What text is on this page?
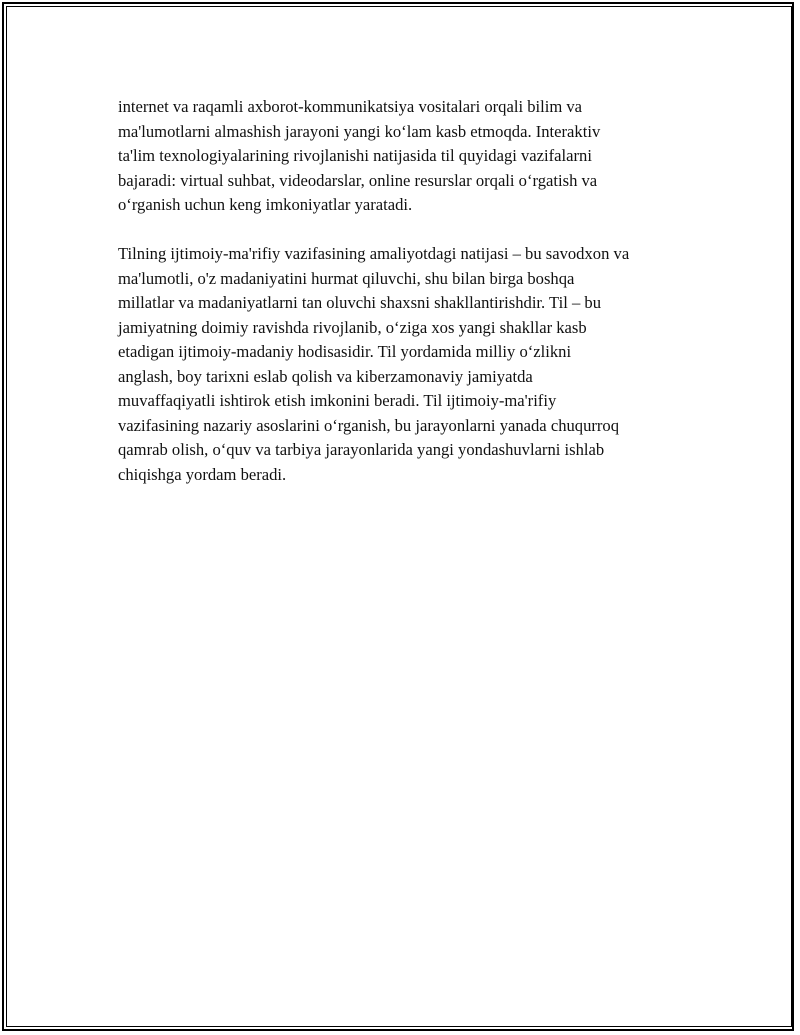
internet va raqamli axborot-kommunikatsiya vositalari orqali bilim va
ma'lumotlarni almashish jarayoni yangi ko‘lam kasb etmoqda. Interaktiv
ta'lim texnologiyalarining rivojlanishi natijasida til quyidagi vazifalarni
bajaradi: virtual suhbat, videodarslar, online resurslar orqali o‘rgatish va
o‘rganish uchun keng imkoniyatlar yaratadi.
Tilning ijtimoiy-ma'rifiy vazifasining amaliyotdagi natijasi – bu savodxon va
ma'lumotli, o'z madaniyatini hurmat qiluvchi, shu bilan birga boshqa
millatlar va madaniyatlarni tan oluvchi shaxsni shakllantirishdir. Til – bu
jamiyatning doimiy ravishda rivojlanib, o‘ziga xos yangi shakllar kasb
etadigan ijtimoiy-madaniy hodisasidir. Til yordamida milliy o‘zlikni
anglash, boy tarixni eslab qolish va kiberzamonaviy jamiyatda
muvaffaqiyatli ishtirok etish imkonini beradi. Til ijtimoiy-ma'rifiy
vazifasining nazariy asoslarini o‘rganish, bu jarayonlarni yanada chuqurroq
qamrab olish, o‘quv va tarbiya jarayonlarida yangi yondashuvlarni ishlab
chiqishga yordam beradi.
